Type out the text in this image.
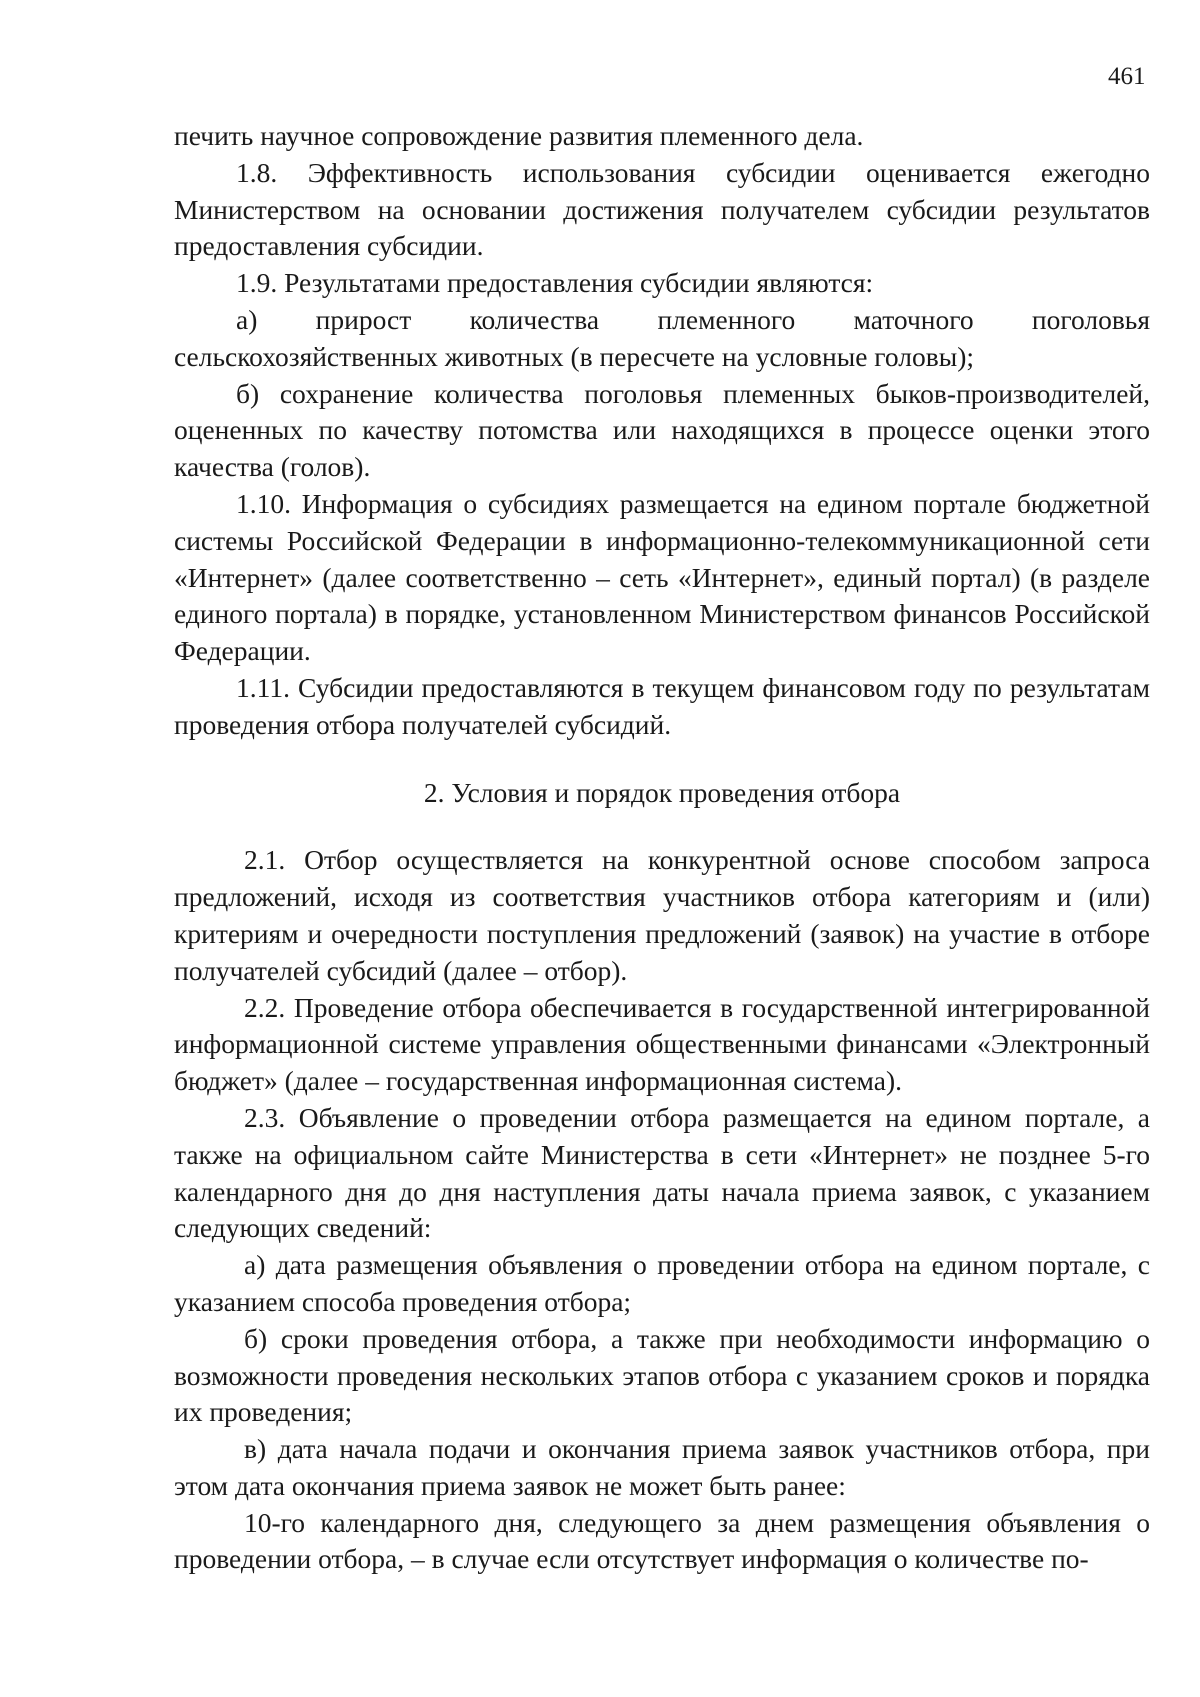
461

печить научное сопровождение развития племенного дела.

1.8. Эффективность использования субсидии оценивается ежегодно Министерством на основании достижения получателем субсидии результатов предоставления субсидии.

1.9. Результатами предоставления субсидии являются:

а) прирост количества племенного маточного поголовья сельскохозяйственных животных (в пересчете на условные головы);

б) сохранение количества поголовья племенных быков-производителей, оцененных по качеству потомства или находящихся в процессе оценки этого качества (голов).

1.10. Информация о субсидиях размещается на едином портале бюджетной системы Российской Федерации в информационно-телекоммуникационной сети «Интернет» (далее соответственно – сеть «Интернет», единый портал) (в разделе единого портала) в порядке, установленном Министерством финансов Российской Федерации.

1.11. Субсидии предоставляются в текущем финансовом году по результатам проведения отбора получателей субсидий.

2. Условия и порядок проведения отбора

2.1. Отбор осуществляется на конкурентной основе способом запроса предложений, исходя из соответствия участников отбора категориям и (или) критериям и очередности поступления предложений (заявок) на участие в отборе получателей субсидий (далее – отбор).

2.2. Проведение отбора обеспечивается в государственной интегрированной информационной системе управления общественными финансами «Электронный бюджет» (далее – государственная информационная система).

2.3. Объявление о проведении отбора размещается на едином портале, а также на официальном сайте Министерства в сети «Интернет» не позднее 5-го календарного дня до дня наступления даты начала приема заявок, с указанием следующих сведений:

а) дата размещения объявления о проведении отбора на едином портале, с указанием способа проведения отбора;

б) сроки проведения отбора, а также при необходимости информацию о возможности проведения нескольких этапов отбора с указанием сроков и порядка их проведения;

в) дата начала подачи и окончания приема заявок участников отбора, при этом дата окончания приема заявок не может быть ранее:

10-го календарного дня, следующего за днем размещения объявления о проведении отбора, – в случае если отсутствует информация о количестве по-
